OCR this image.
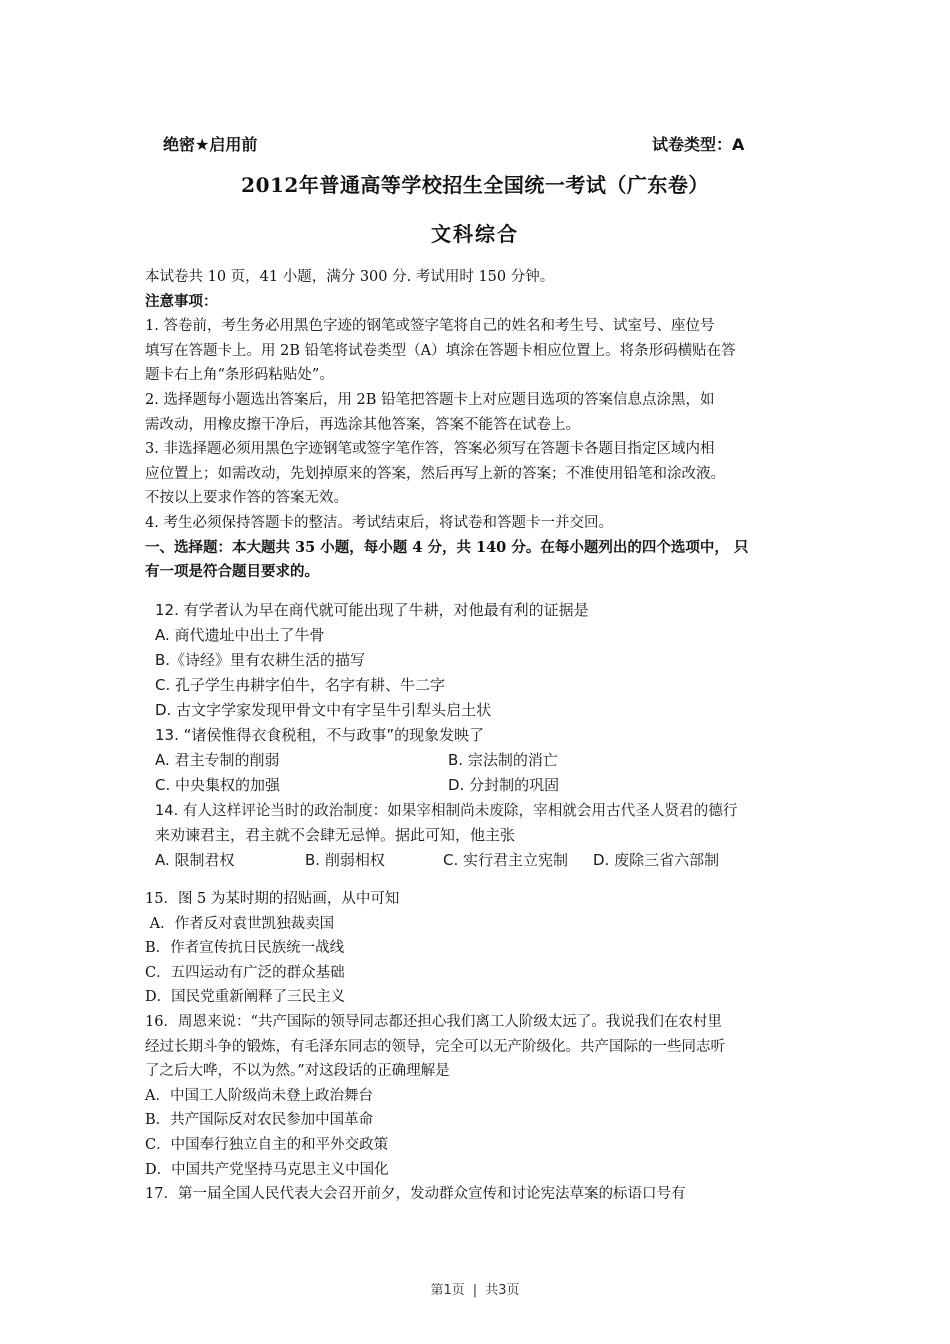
绝密★启用前	试卷类型：A
2012年普通高等学校招生全国统一考试（广东卷）
文科综合

本试卷共 10 页，41 小题，满分 300 分. 考试用时 150 分钟。

注意事项：

1. 答卷前，考生务必用黑色字迹的钢笔或签字笔将自己的姓名和考生号、试室号、座位号

填写在答题卡上。用 2B 铅笔将试卷类型（A）填涂在答题卡相应位置上。将条形码横贴在答

题卡右上角“条形码粘贴处”。

2. 选择题每小题选出答案后，用 2B 铅笔把答题卡上对应题目选项的答案信息点涂黑，如

需改动，用橡皮擦干净后，再选涂其他答案，答案不能答在试卷上。

3. 非选择题必须用黑色字迹钢笔或签字笔作答，答案必须写在答题卡各题目指定区域内相

应位置上；如需改动，先划掉原来的答案，然后再写上新的答案；不准使用铅笔和涂改液。

不按以上要求作答的答案无效。

4. 考生必须保持答题卡的整洁。考试结束后，将试卷和答题卡一并交回。

一、选择题：本大题共 35 小题，每小题 4 分，共 140 分。在每小题列出的四个选项中， 只

有一项是符合题目要求的。

12. 有学者认为早在商代就可能出现了牛耕，对他最有利的证据是

A. 商代遗址中出土了牛骨

B.《诗经》里有农耕生活的描写

C. 孔子学生冉耕字伯牛，名字有耕、牛二字

D. 古文字学家发现甲骨文中有字呈牛引犁头启土状

13. “诸侯惟得衣食税租，不与政事”的现象发映了

A. 君主专制的削弱	B. 宗法制的消亡
C. 中央集权的加强	D. 分封制的巩固

14. 有人这样评论当时的政治制度：如果宰相制尚未废除，宰相就会用古代圣人贤君的德行

来劝谏君主，君主就不会肆无忌惮。据此可知，他主张

A. 限制君权	B. 削弱相权	C. 实行君主立宪制 D. 废除三省六部制

15．图 5 为某时期的招贴画，从中可知

A．作者反对袁世凯独裁卖国

B．作者宣传抗日民族统一战线

C．五四运动有广泛的群众基础

D．国民党重新阐释了三民主义

16．周恩来说：“共产国际的领导同志都还担心我们离工人阶级太远了。我说我们在农村里

经过长期斗争的锻炼，有毛泽东同志的领导，完全可以无产阶级化。共产国际的一些同志听

了之后大哗，不以为然。”对这段话的正确理解是

A．中国工人阶级尚未登上政治舞台

B．共产国际反对农民参加中国革命

C．中国奉行独立自主的和平外交政策

D．中国共产党坚持马克思主义中国化

17．第一届全国人民代表大会召开前夕，发动群众宣传和讨论宪法草案的标语口号有

第1页 | 共3页
